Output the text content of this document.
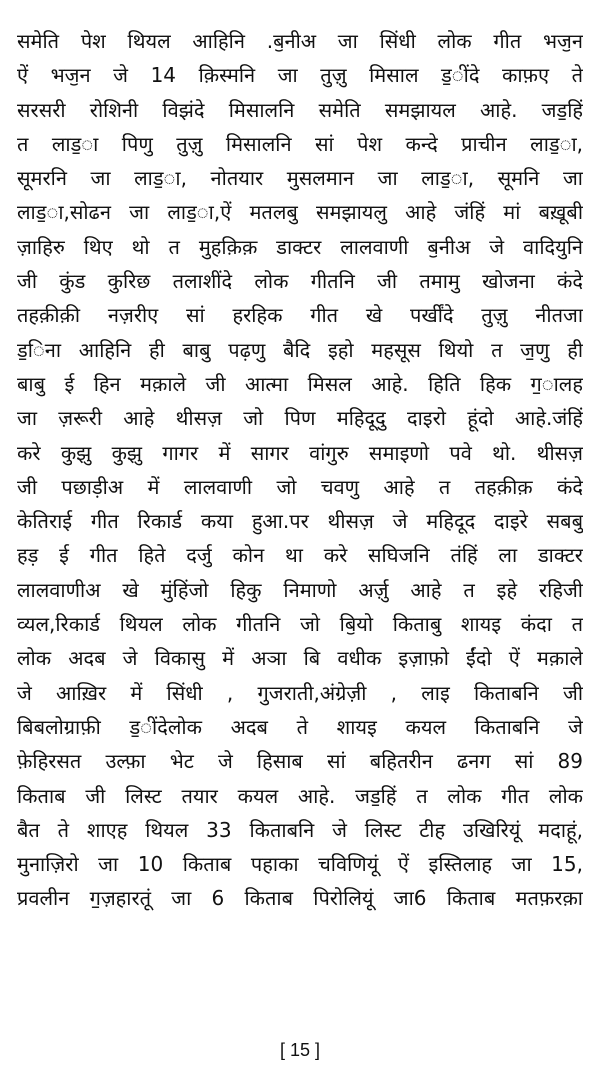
समेति पेश थियल आहिनि .बॖनीअ जा सिंधी लोक गीत भजॖन
ऐं भजॖन जे 14 क़िस्मनि जा तुज़ु मिसाल ड॒ींदे काफ़ए ते
सरसरी रोशिनी विझंदे मिसालनि समेति समझायल आहे. जड॒हिं
त लाड॒ा पिणु तुज़ु मिसालनि सां पेश कन्दे प्राचीन लाड॒ा,
सूमरनि जा लाड॒ा, नोतयार मुसलमान जा लाड॒ा, सूमनि जा
लाड॒ा,सोढन जा लाड॒ा,ऐं मतलबु समझायलु आहे जंहिं मां बख़ूबी
ज़ाहिरु थिए थो त मुहक़िक़ डाक्टर लालवाणी बॖनीअ जे वादियुनि
जी कुंड कुरिछ तलाशींदे लोक गीतनि जी तमामु खोजना कंदे
तहक़ीक़ी नज़रीए सां हरहिक गीत खे पर्खींदे तुज़ु नीतजा
ड॒िना आहिनि ही बाबु पढ़णु बैदि इहो महसूस थियो त ज॒णु ही
बाबु ई हिन मक़ाले जी आत्मा मिसल आहे. हिति हिक ग॒ालह
जा ज़रूरी आहे थीसज़ जो पिण महिदूदु दाइरो हूंदो आहे.जंहिं
करे कुझु कुझु गागर में सागर वांगुरु समाइणो पवे थो. थीसज़
जी पछाड़ीअ में लालवाणी जो चवणु आहे त तहक़ीक़ कंदे
केतिराई गीत रिकार्ड कया हुआ.पर थीसज़ जे महिदूद दाइरे सबबु
हड़ ई गीत हिते दर्जु कोन था करे सघिजनि तंहिं ला डाक्टर
लालवाणीअ खे मुंहिंजो हिकु निमाणो अर्ज़ु आहे त इहे रहिजी
व्यल,रिकार्ड थियल लोक गीतनि जो बॖियो किताबु शायइ कंदा त
लोक अदब जे विकासु में अञा बि वधीक इज़ाफ़ो ईंदो ऐं मक़ाले
जे आख़िर में सिंधी , गुजराती,अंग्रेज़ी , लाइ किताबनि जी
बिबलोग्राफ़ी ड॒ींदेलोक अदब ते शायइ कयल किताबनि जे
फ़ेहिरसत उल्फ़ा भेट जे हिसाब सां बहितरीन ढनग सां 89
किताब जी लिस्ट तयार कयल आहे. जड॒हिं त लोक गीत लोक
बैत ते शाएह थियल 33 किताबनि जे लिस्ट टीह उखिरियूं मदाहूं,
मुनाज़िरो जा 10 किताब पहाका चविणियूं ऐं इस्तिलाह जा 15,
प्रवलीन ग॒ज़हारतूं जा 6 किताब पिरोलियूं जा6 किताब मतफ़रक़ा
[ 15 ]
